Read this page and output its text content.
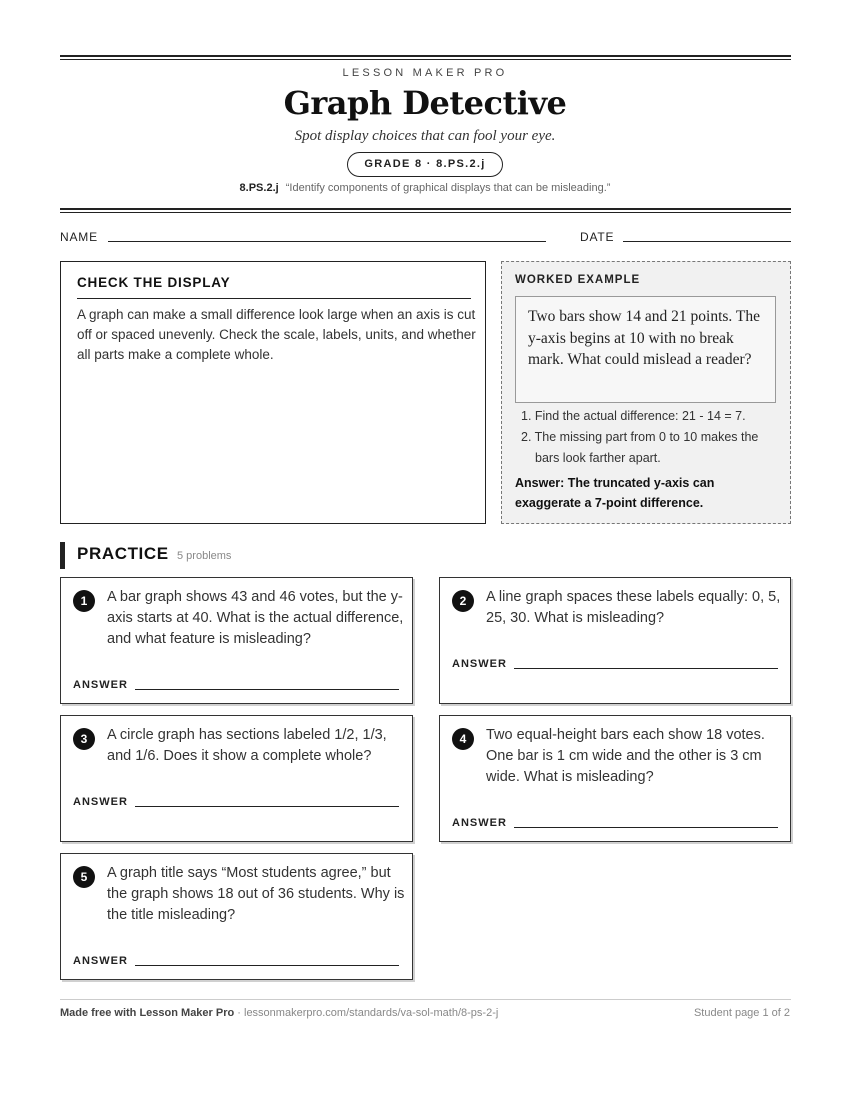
LESSON MAKER PRO
Graph Detective
Spot display choices that can fool your eye.
GRADE 8 · 8.PS.2.j
8.PS.2.j “Identify components of graphical displays that can be misleading.”
NAME	DATE
CHECK THE DISPLAY
A graph can make a small difference look large when an axis is cut off or spaced unevenly. Check the scale, labels, units, and whether all parts make a complete whole.
WORKED EXAMPLE
Two bars show 14 and 21 points. The y-axis begins at 10 with no break mark. What could mislead a reader?
1. Find the actual difference: 21 - 14 = 7.
2. The missing part from 0 to 10 makes the bars look farther apart.
Answer: The truncated y-axis can exaggerate a 7-point difference.
PRACTICE 5 problems
1	A bar graph shows 43 and 46 votes, but the y-axis starts at 40. What is the actual difference, and what feature is misleading?
ANSWER
2	A line graph spaces these labels equally: 0, 5, 25, 30. What is misleading?
ANSWER
3	A circle graph has sections labeled 1/2, 1/3, and 1/6. Does it show a complete whole?
ANSWER
4	Two equal-height bars each show 18 votes. One bar is 1 cm wide and the other is 3 cm wide. What is misleading?
ANSWER
5	A graph title says “Most students agree,” but the graph shows 18 out of 36 students. Why is the title misleading?
ANSWER
Made free with Lesson Maker Pro · lessonmakerpro.com/standards/va-sol-math/8-ps-2-j	Student page 1 of 2
